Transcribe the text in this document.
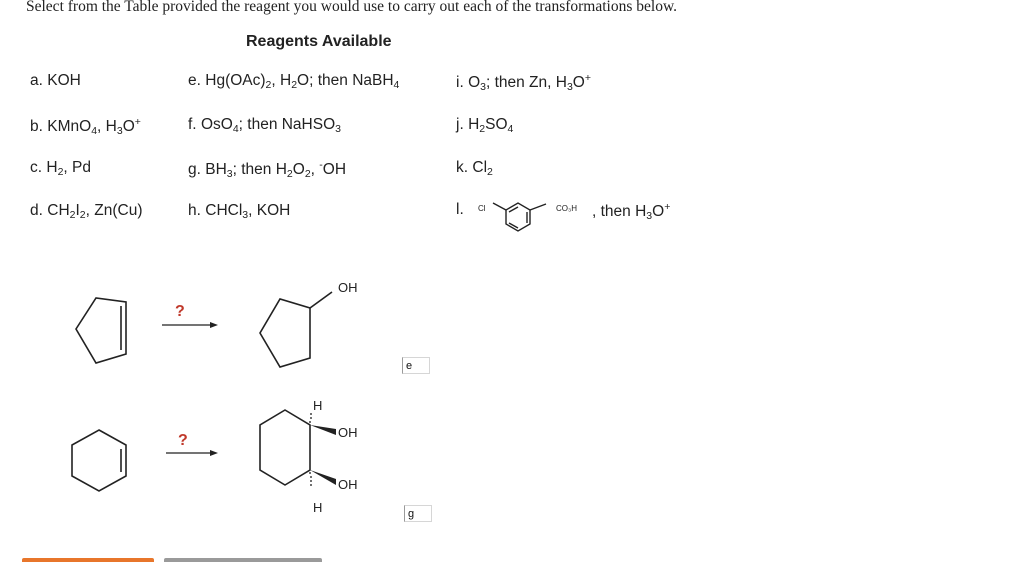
Select from the Table provided the reagent you would use to carry out each of the transformations below.
Reagents Available
a. KOH
b. KMnO$_4$, $H_3O^+$
c. $H_2$, Pd
d. $CH_2I_2$, Zn(Cu)
e. $Hg(OAc)_2$, $H_2O$; then NaBH$_4$
f. OsO$_4$; then NaHSO$_3$
g. $BH_3$; then $H_2O_2$, -OH
h. CHCl$_3$, KOH
i. $O_3$; then Zn, $H_3O^+$
j. $H_2SO_4$
k. $Cl_2$
l. Cl	CO₃H , then $H_3O^+$
?
OH
e
?
H
OH
OH
H	g
